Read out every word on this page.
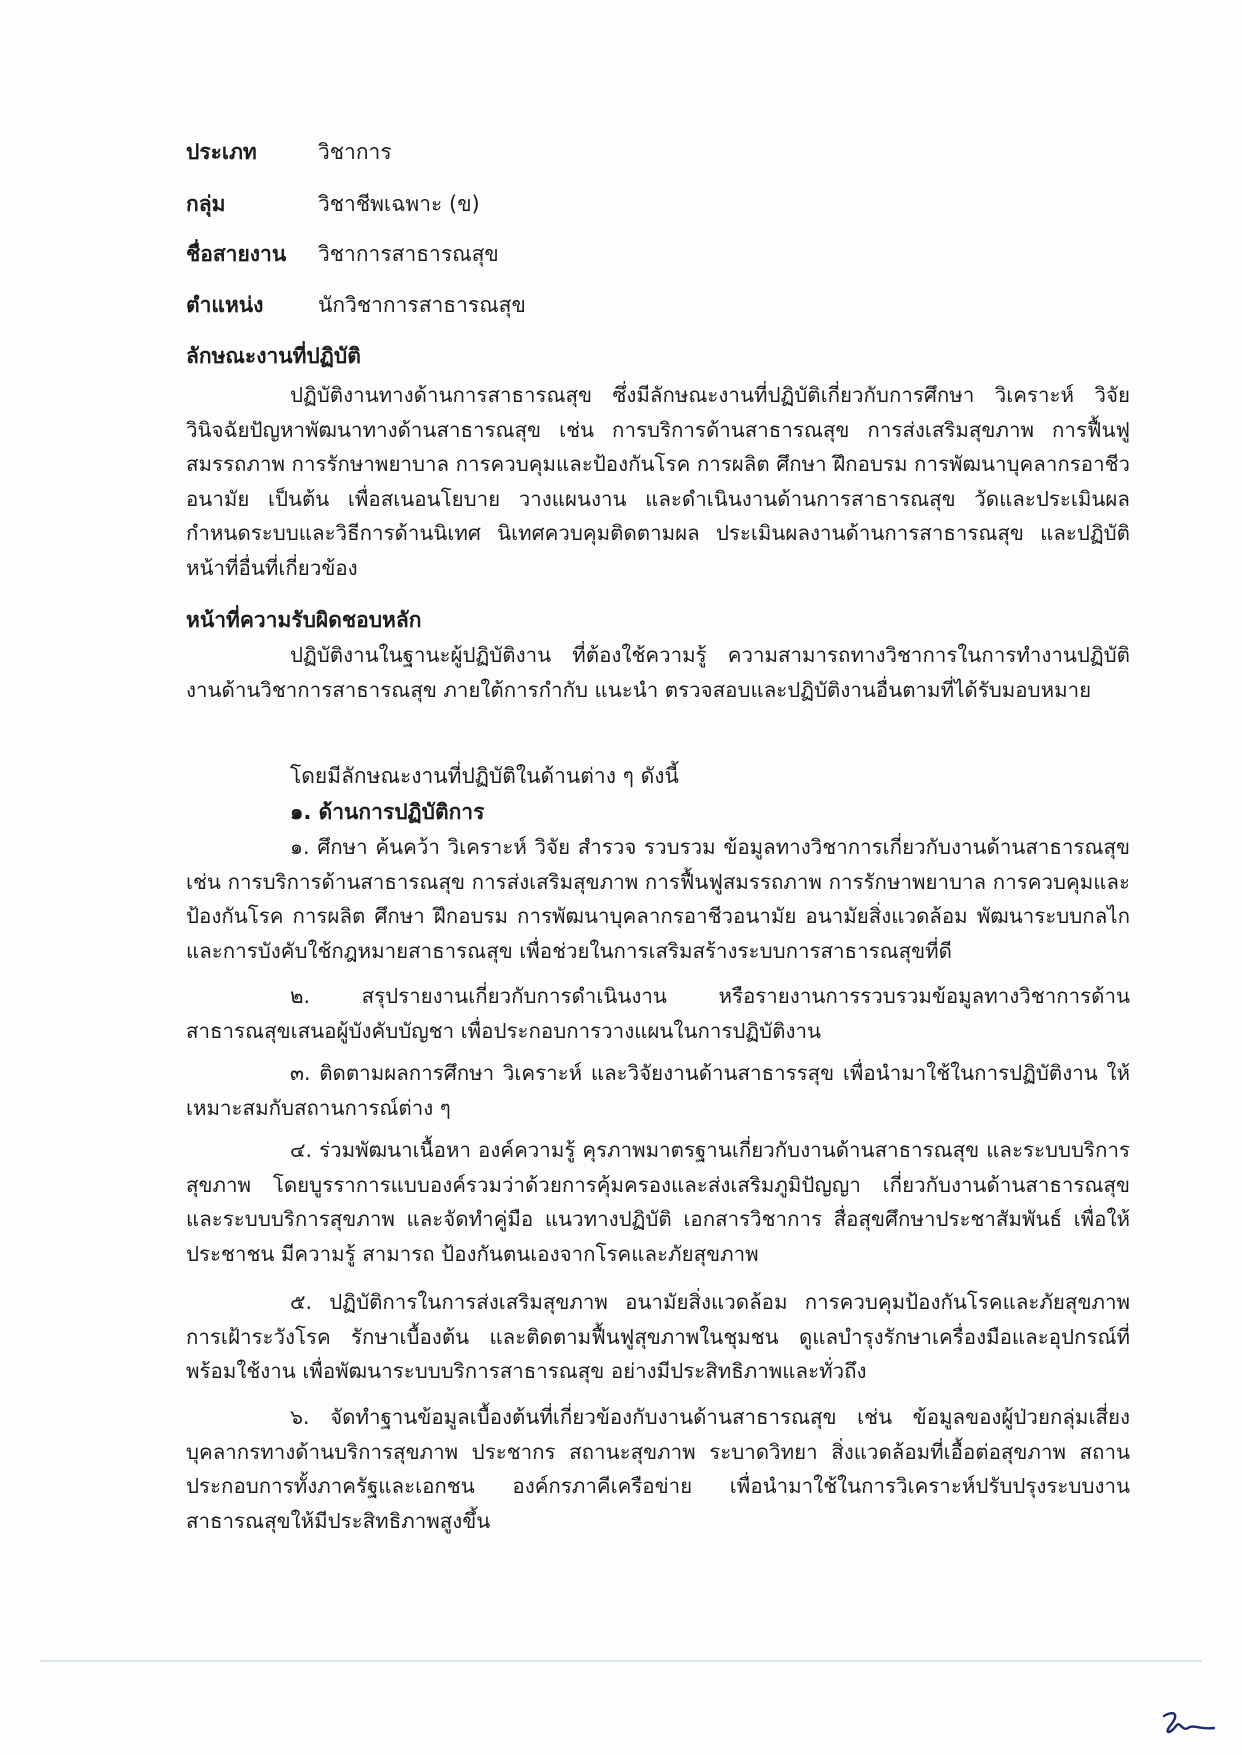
ประเภท	วิชาการ
กลุ่ม	วิชาชีพเฉพาะ (ข)
ชื่อสายงาน วิชาการสาธารณสุข
ตำแหน่ง	นักวิชาการสาธารณสุข
ลักษณะงานที่ปฏิบัติ

ปฏิบัติงานทางด้านการสาธารณสุข ซึ่งมีลักษณะงานที่ปฏิบัติเกี่ยวกับการศึกษา วิเคราะห์ วิจัย วินิจฉัยปัญหาพัฒนาทางด้านสาธารณสุข เช่น การบริการด้านสาธารณสุข การส่งเสริมสุขภาพ การฟื้นฟูสมรรถภาพ การรักษาพยาบาล การควบคุมและป้องกันโรค การผลิต ศึกษา ฝึกอบรม การพัฒนาบุคลากรอาชีวอนามัย เป็นต้น เพื่อสเนอนโยบาย วางแผนงาน และดำเนินงานด้านการสาธารณสุข วัดและประเมินผล กำหนดระบบและวิธีการด้านนิเทศ นิเทศควบคุมติดตามผล ประเมินผลงานด้านการสาธารณสุข และปฏิบัติหน้าที่อื่นที่เกี่ยวข้อง

หน้าที่ความรับผิดชอบหลัก

ปฏิบัติงานในฐานะผู้ปฏิบัติงาน ที่ต้องใช้ความรู้ ความสามารถทางวิชาการในการทำงานปฏิบัติงานด้านวิชาการสาธารณสุข ภายใต้การกำกับ แนะนำ ตรวจสอบและปฏิบัติงานอื่นตามที่ได้รับมอบหมาย

โดยมีลักษณะงานที่ปฏิบัติในด้านต่าง ๆ ดังนี้
๑. ด้านการปฏิบัติการ

๑. ศึกษา ค้นคว้า วิเคราะห์ วิจัย สำรวจ รวบรวม ข้อมูลทางวิชาการเกี่ยวกับงานด้านสาธารณสุข เช่น การบริการด้านสาธารณสุข การส่งเสริมสุขภาพ การฟื้นฟูสมรรถภาพ การรักษาพยาบาล การควบคุมและป้องกันโรค การผลิต ศึกษา ฝึกอบรม การพัฒนาบุคลากรอาชีวอนามัย อนามัยสิ่งแวดล้อม พัฒนาระบบกลไกและการบังคับใช้กฎหมายสาธารณสุข เพื่อช่วยในการเสริมสร้างระบบการสาธารณสุขที่ดี

๒. สรุปรายงานเกี่ยวกับการดำเนินงาน หรือรายงานการรวบรวมข้อมูลทางวิชาการด้านสาธารณสุขเสนอผู้บังคับบัญชา เพื่อประกอบการวางแผนในการปฏิบัติงาน

๓. ติดตามผลการศึกษา วิเคราะห์ และวิจัยงานด้านสาธารรสุข เพื่อนำมาใช้ในการปฏิบัติงาน ให้เหมาะสมกับสถานการณ์ต่าง ๆ

๔. ร่วมพัฒนาเนื้อหา องค์ความรู้ คุรภาพมาตรฐานเกี่ยวกับงานด้านสาธารณสุข และระบบบริการสุขภาพ โดยบูรราการแบบองค์รวมว่าด้วยการคุ้มครองและส่งเสริมภูมิปัญญา เกี่ยวกับงานด้านสาธารณสุขและระบบบริการสุขภาพ และจัดทำคู่มือ แนวทางปฏิบัติ เอกสารวิชาการ สื่อสุขศึกษาประชาสัมพันธ์ เพื่อให้ประชาชน มีความรู้ สามารถ ป้องกันตนเองจากโรคและภัยสุขภาพ

๕. ปฏิบัติการในการส่งเสริมสุขภาพ อนามัยสิ่งแวดล้อม การควบคุมป้องกันโรคและภัยสุขภาพการเฝ้าระวังโรค รักษาเบื้องต้น และติดตามฟื้นฟูสุขภาพในชุมชน ดูแลบำรุงรักษาเครื่องมือและอุปกรณ์ที่พร้อมใช้งาน เพื่อพัฒนาระบบบริการสาธารณสุข อย่างมีประสิทธิภาพและทั่วถึง

๖. จัดทำฐานข้อมูลเบื้องต้นที่เกี่ยวข้องกับงานด้านสาธารณสุข เช่น ข้อมูลของผู้ป่วยกลุ่มเสี่ยงบุคลากรทางด้านบริการสุขภาพ ประชากร สถานะสุขภาพ ระบาดวิทยา สิ่งแวดล้อมที่เอื้อต่อสุขภาพ สถานประกอบการทั้งภาครัฐและเอกชน องค์กรภาคีเครือข่าย เพื่อนำมาใช้ในการวิเคราะห์ปรับปรุงระบบงานสาธารณสุขให้มีประสิทธิภาพสูงขึ้น
